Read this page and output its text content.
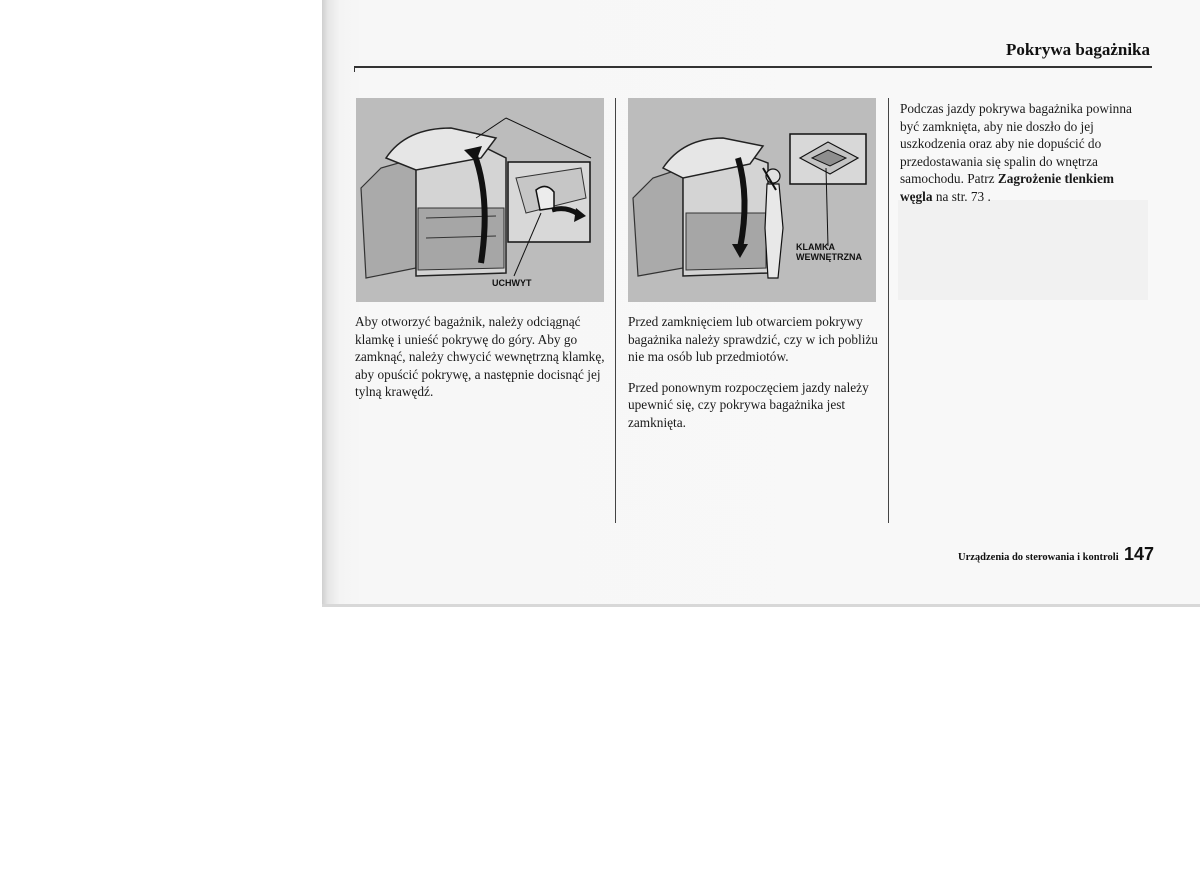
Pokrywa bagażnika
UCHWYT
KLAMKA
WEWNĘTRZNA

Aby otworzyć bagażnik, należy odciągnąć klamkę i unieść pokrywę do góry. Aby go zamknąć, należy chwycić wewnętrzną klamkę, aby opuścić pokrywę, a następnie docisnąć jej tylną krawędź.

Przed zamknięciem lub otwarciem pokrywy bagażnika należy sprawdzić, czy w ich pobliżu nie ma osób lub przedmiotów.

Przed ponownym rozpoczęciem jazdy należy upewnić się, czy pokrywa bagażnika jest zamknięta.

Podczas jazdy pokrywa bagażnika powinna być zamknięta, aby nie doszło do jej uszkodzenia oraz aby nie dopuścić do przedostawania się spalin do wnętrza samochodu. Patrz Zagrożenie tlenkiem węgla na str. 73 .

Urządzenia do sterowania i kontroli 147
